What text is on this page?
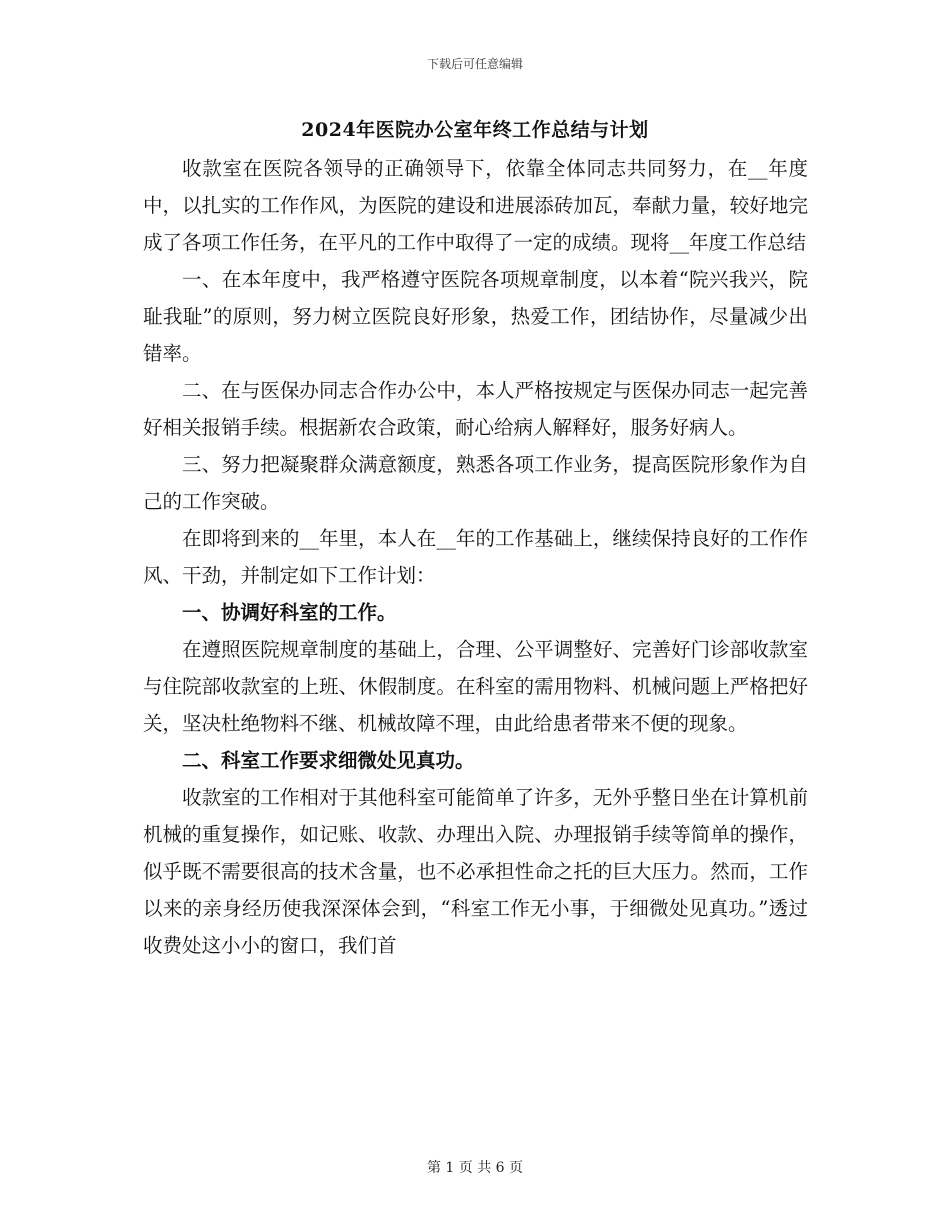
下载后可任意编辑
2024年医院办公室年终工作总结与计划

收款室在医院各领导的正确领导下，依靠全体同志共同努力，在__年度中，以扎实的工作作风，为医院的建设和进展添砖加瓦，奉献力量，较好地完成了各项工作任务，在平凡的工作中取得了一定的成绩。现将__年度工作总结

一、在本年度中，我严格遵守医院各项规章制度，以本着“院兴我兴，院耻我耻”的原则，努力树立医院良好形象，热爱工作，团结协作，尽量减少出错率。

二、在与医保办同志合作办公中，本人严格按规定与医保办同志一起完善好相关报销手续。根据新农合政策，耐心给病人解释好，服务好病人。

三、努力把凝聚群众满意额度，熟悉各项工作业务，提高医院形象作为自己的工作突破。

在即将到来的__年里，本人在__年的工作基础上，继续保持良好的工作作风、干劲，并制定如下工作计划：

一、协调好科室的工作。

在遵照医院规章制度的基础上，合理、公平调整好、完善好门诊部收款室与住院部收款室的上班、休假制度。在科室的需用物料、机械问题上严格把好关，坚决杜绝物料不继、机械故障不理，由此给患者带来不便的现象。

二、科室工作要求细微处见真功。

收款室的工作相对于其他科室可能简单了许多，无外乎整日坐在计算机前机械的重复操作，如记账、收款、办理出入院、办理报销手续等简单的操作，似乎既不需要很高的技术含量，也不必承担性命之托的巨大压力。然而，工作以来的亲身经历使我深深体会到，“科室工作无小事，于细微处见真功。”透过收费处这小小的窗口，我们首

第 1 页 共 6 页
